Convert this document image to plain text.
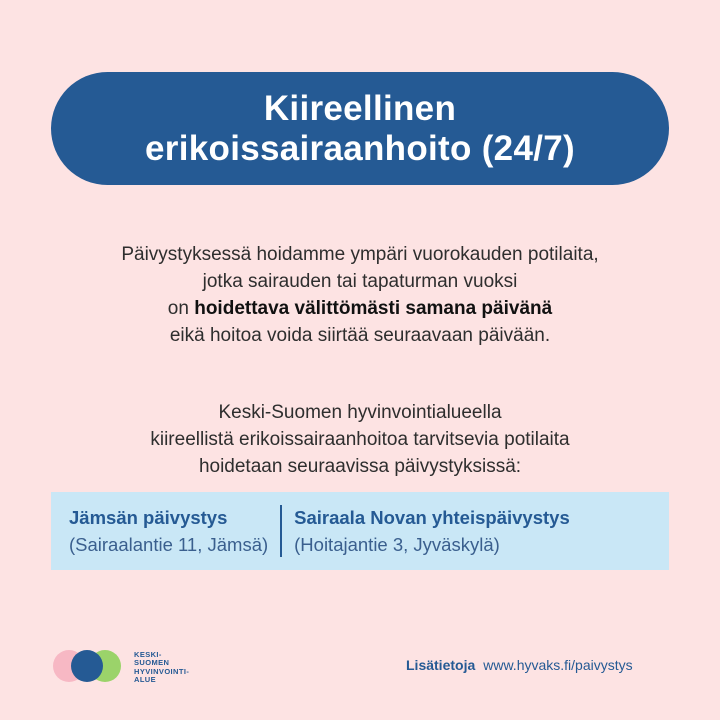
Kiireellinen
erikoissairaanhoito (24/7)
Päivystyksessä hoidamme ympäri vuorokauden potilaita,
jotka sairauden tai tapaturman vuoksi
on hoidettava välittömästi samana päivänä
eikä hoitoa voida siirtää seuraavaan päivään.
Keski-Suomen hyvinvointialueella
kiireellistä erikoissairaanhoitoa tarvitsevia potilaita
hoidetaan seuraavissa päivystyksissä:
Jämsän päivystys
(Sairaalantie 11, Jämsä)
Sairaala Novan yhteispäivystys
(Hoitajantie 3, Jyväskylä)
KESKI-
SUOMEN
HYVINVOINTI-
ALUE
Lisätietoja www.hyvaks.fi/paivystys
